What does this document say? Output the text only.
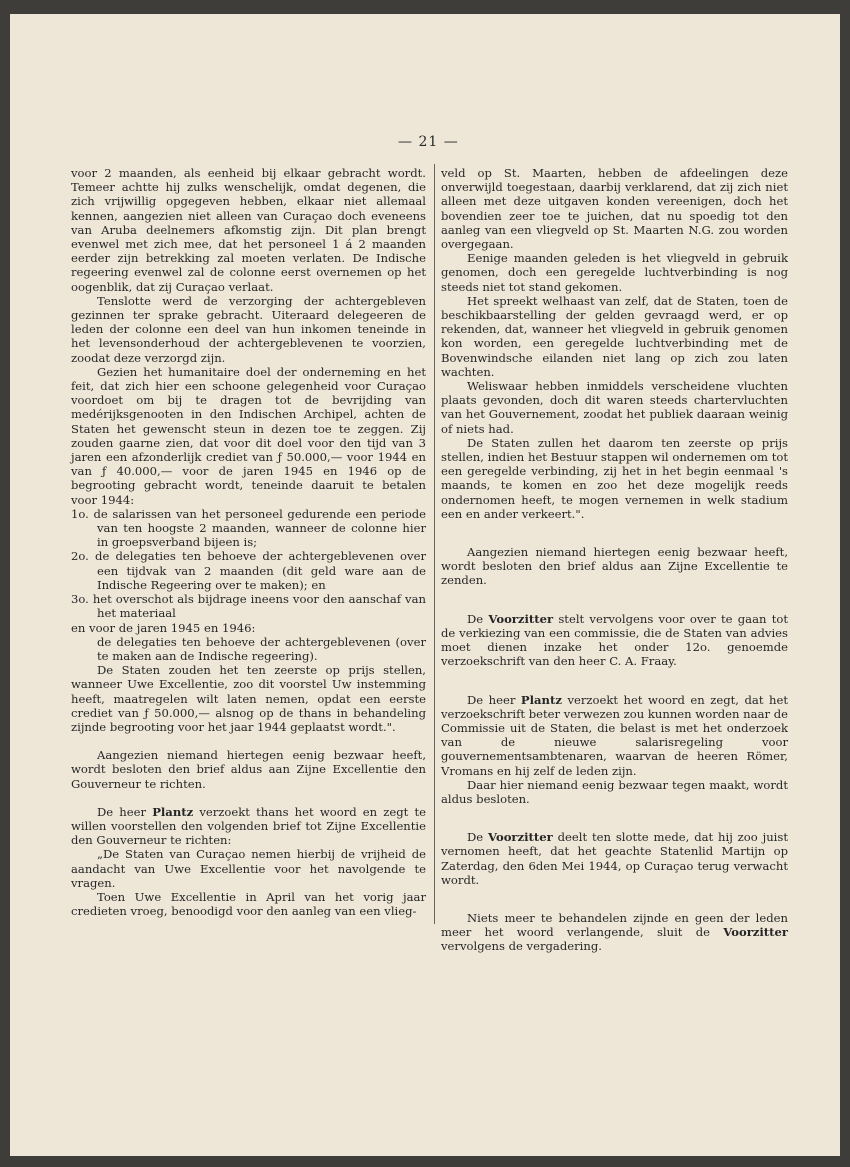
— 21 —

voor 2 maanden, als eenheid bij elkaar gebracht wordt. Temeer achtte hij zulks wenschelijk, omdat degenen, die zich vrijwillig opgegeven hebben, elkaar niet allemaal kennen, aangezien niet alleen van Curaçao doch eveneens van Aruba deelnemers afkomstig zijn. Dit plan brengt evenwel met zich mee, dat het personeel 1 á 2 maanden eerder zijn betrekking zal moeten verlaten. De Indische regeering evenwel zal de colonne eerst overnemen op het oogenblik, dat zij Curaçao verlaat.

Tenslotte werd de verzorging der achtergebleven gezinnen ter sprake gebracht. Uiteraard delegeeren de leden der colonne een deel van hun inkomen teneinde in het levensonderhoud der achtergeblevenen te voorzien, zoodat deze verzorgd zijn.

Gezien het humanitaire doel der onderneming en het feit, dat zich hier een schoone gelegenheid voor Curaçao voordoet om bij te dragen tot de bevrijding van medérijksgenooten in den Indischen Archipel, achten de Staten het gewenscht steun in dezen toe te zeggen. Zij zouden gaarne zien, dat voor dit doel voor den tijd van 3 jaren een afzonderlijk crediet van ƒ 50.000,— voor 1944 en van ƒ 40.000,— voor de jaren 1945 en 1946 op de begrooting gebracht wordt, teneinde daaruit te betalen voor 1944:

1o. de salarissen van het personeel gedurende een periode van ten hoogste 2 maanden, wanneer de colonne hier in groepsverband bijeen is;

2o. de delegaties ten behoeve der achtergeblevenen over een tijdvak van 2 maanden (dit geld ware aan de Indische Regeering over te maken); en

3o. het overschot als bijdrage ineens voor den aanschaf van het materiaal

en voor de jaren 1945 en 1946:

de delegaties ten behoeve der achtergeblevenen (over te maken aan de Indische regeering).

De Staten zouden het ten zeerste op prijs stellen, wanneer Uwe Excellentie, zoo dit voorstel Uw instemming heeft, maatregelen wilt laten nemen, opdat een eerste crediet van ƒ 50.000,— alsnog op de thans in behandeling zijnde begrooting voor het jaar 1944 geplaatst wordt.".

Aangezien niemand hiertegen eenig bezwaar heeft, wordt besloten den brief aldus aan Zijne Excellentie den Gouverneur te richten.

De heer Plantz verzoekt thans het woord en zegt te willen voorstellen den volgenden brief tot Zijne Excellentie den Gouverneur te richten:

„De Staten van Curaçao nemen hierbij de vrijheid de aandacht van Uwe Excellentie voor het navolgende te vragen.

Toen Uwe Excellentie in April van het vorig jaar credieten vroeg, benoodigd voor den aanleg van een vlieg-

veld op St. Maarten, hebben de afdeelingen deze onverwijld toegestaan, daarbij verklarend, dat zij zich niet alleen met deze uitgaven konden vereenigen, doch het bovendien zeer toe te juichen, dat nu spoedig tot den aanleg van een vliegveld op St. Maarten N.G. zou worden overgegaan.

Eenige maanden geleden is het vliegveld in gebruik genomen, doch een geregelde luchtverbinding is nog steeds niet tot stand gekomen.

Het spreekt welhaast van zelf, dat de Staten, toen de beschikbaarstelling der gelden gevraagd werd, er op rekenden, dat, wanneer het vliegveld in gebruik genomen kon worden, een geregelde luchtverbinding met de Bovenwindsche eilanden niet lang op zich zou laten wachten.

Weliswaar hebben inmiddels verscheidene vluchten plaats gevonden, doch dit waren steeds chartervluchten van het Gouvernement, zoodat het publiek daaraan weinig of niets had.

De Staten zullen het daarom ten zeerste op prijs stellen, indien het Bestuur stappen wil ondernemen om tot een geregelde verbinding, zij het in het begin eenmaal 's maands, te komen en zoo het deze mogelijk reeds ondernomen heeft, te mogen vernemen in welk stadium een en ander verkeert.".

Aangezien niemand hiertegen eenig bezwaar heeft, wordt besloten den brief aldus aan Zijne Excellentie te zenden.

De Voorzitter stelt vervolgens voor over te gaan tot de verkiezing van een commissie, die de Staten van advies moet dienen inzake het onder 12o. genoemde verzoekschrift van den heer C. A. Fraay.

De heer Plantz verzoekt het woord en zegt, dat het verzoekschrift beter verwezen zou kunnen worden naar de Commissie uit de Staten, die belast is met het onderzoek van de nieuwe salarisregeling voor gouvernementsambtenaren, waarvan de heeren Römer, Vromans en hij zelf de leden zijn.

Daar hier niemand eenig bezwaar tegen maakt, wordt aldus besloten.

De Voorzitter deelt ten slotte mede, dat hij zoo juist vernomen heeft, dat het geachte Statenlid Martijn op Zaterdag, den 6den Mei 1944, op Curaçao terug verwacht wordt.

Niets meer te behandelen zijnde en geen der leden meer het woord verlangende, sluit de Voorzitter vervolgens de vergadering.
